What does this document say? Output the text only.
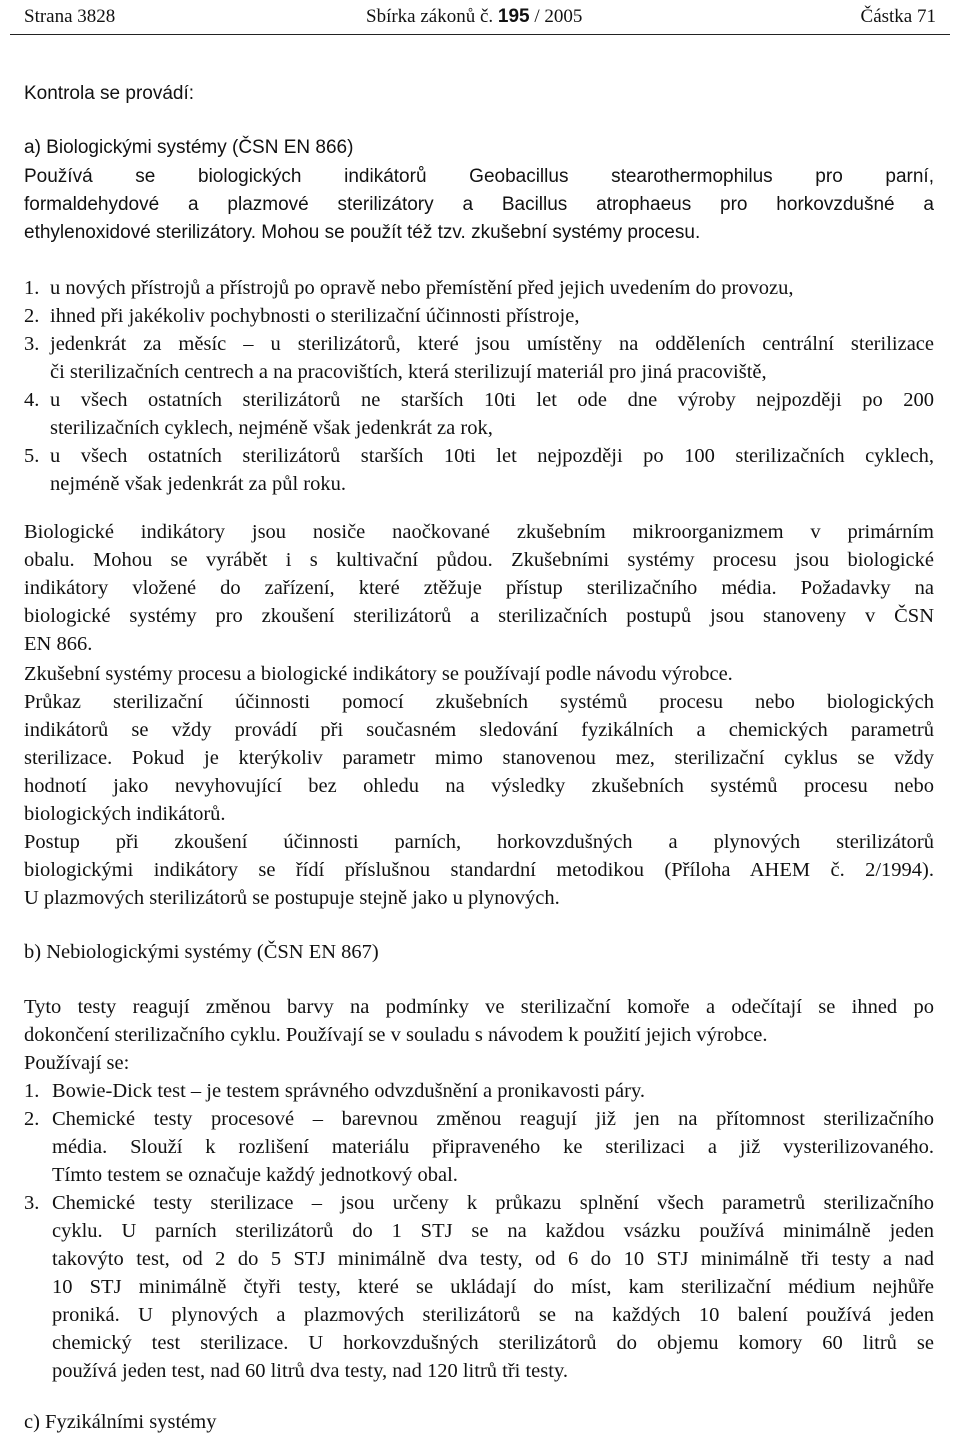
Strana 3828	Sbírka zákonů č. 195 / 2005	Částka 71
Kontrola se provádí:
a) Biologickými systémy (ČSN EN 866)
Používá se biologických indikátorů Geobacillus stearothermophilus pro parní,
formaldehydové a plazmové sterilizátory a Bacillus atrophaeus pro horkovzdušné a
ethylenoxidové sterilizátory. Mohou se použít též tzv. zkušební systémy procesu.
1. u nových přístrojů a přístrojů po opravě nebo přemístění před jejich uvedením do provozu,
2. ihned při jakékoliv pochybnosti o sterilizační účinnosti přístroje,
3. jedenkrát za měsíc – u sterilizátorů, které jsou umístěny na odděleních centrální sterilizace
či sterilizačních centrech a na pracovištích, která sterilizují materiál pro jiná pracoviště,
4. u všech ostatních sterilizátorů ne starších 10ti let ode dne výroby nejpozději po 200
sterilizačních cyklech, nejméně však jedenkrát za rok,
5. u všech ostatních sterilizátorů starších 10ti let nejpozději po 100 sterilizačních cyklech,
nejméně však jedenkrát za půl roku.
Biologické indikátory jsou nosiče naočkované zkušebním mikroorganizmem v primárním
obalu. Mohou se vyrábět i s kultivační půdou. Zkušebními systémy procesu jsou biologické
indikátory vložené do zařízení, které ztěžuje přístup sterilizačního média. Požadavky na
biologické systémy pro zkoušení sterilizátorů a sterilizačních postupů jsou stanoveny v ČSN
EN 866.
Zkušební systémy procesu a biologické indikátory se používají podle návodu výrobce.
Průkaz sterilizační účinnosti pomocí zkušebních systémů procesu nebo biologických
indikátorů se vždy provádí při současném sledování fyzikálních a chemických parametrů
sterilizace. Pokud je kterýkoliv parametr mimo stanovenou mez, sterilizační cyklus se vždy
hodnotí jako nevyhovující bez ohledu na výsledky zkušebních systémů procesu nebo
biologických indikátorů.
Postup při zkoušení účinnosti parních, horkovzdušných a plynových sterilizátorů
biologickými indikátory se řídí příslušnou standardní metodikou (Příloha AHEM č. 2/1994).
U plazmových sterilizátorů se postupuje stejně jako u plynových.
b) Nebiologickými systémy (ČSN EN 867)
Tyto testy reagují změnou barvy na podmínky ve sterilizační komoře a odečítají se ihned po
dokončení sterilizačního cyklu. Používají se v souladu s návodem k použití jejich výrobce.
Používají se:
1. Bowie-Dick test – je testem správného odvzdušnění a pronikavosti páry.
2. Chemické testy procesové – barevnou změnou reagují již jen na přítomnost sterilizačního
média. Slouží k rozlišení materiálu připraveného ke sterilizaci a již vysterilizovaného.
Tímto testem se označuje každý jednotkový obal.
3. Chemické testy sterilizace – jsou určeny k průkazu splnění všech parametrů sterilizačního
cyklu. U parních sterilizátorů do 1 STJ se na každou vsázku používá minimálně jeden
takovýto test, od 2 do 5 STJ minimálně dva testy, od 6 do 10 STJ minimálně tři testy a nad
10 STJ minimálně čtyři testy, které se ukládají do míst, kam sterilizační médium nejhůře
proniká. U plynových a plazmových sterilizátorů se na každých 10 balení používá jeden
chemický test sterilizace. U horkovzdušných sterilizátorů do objemu komory 60 litrů se
používá jeden test, nad 60 litrů dva testy, nad 120 litrů tři testy.
c) Fyzikálními systémy
